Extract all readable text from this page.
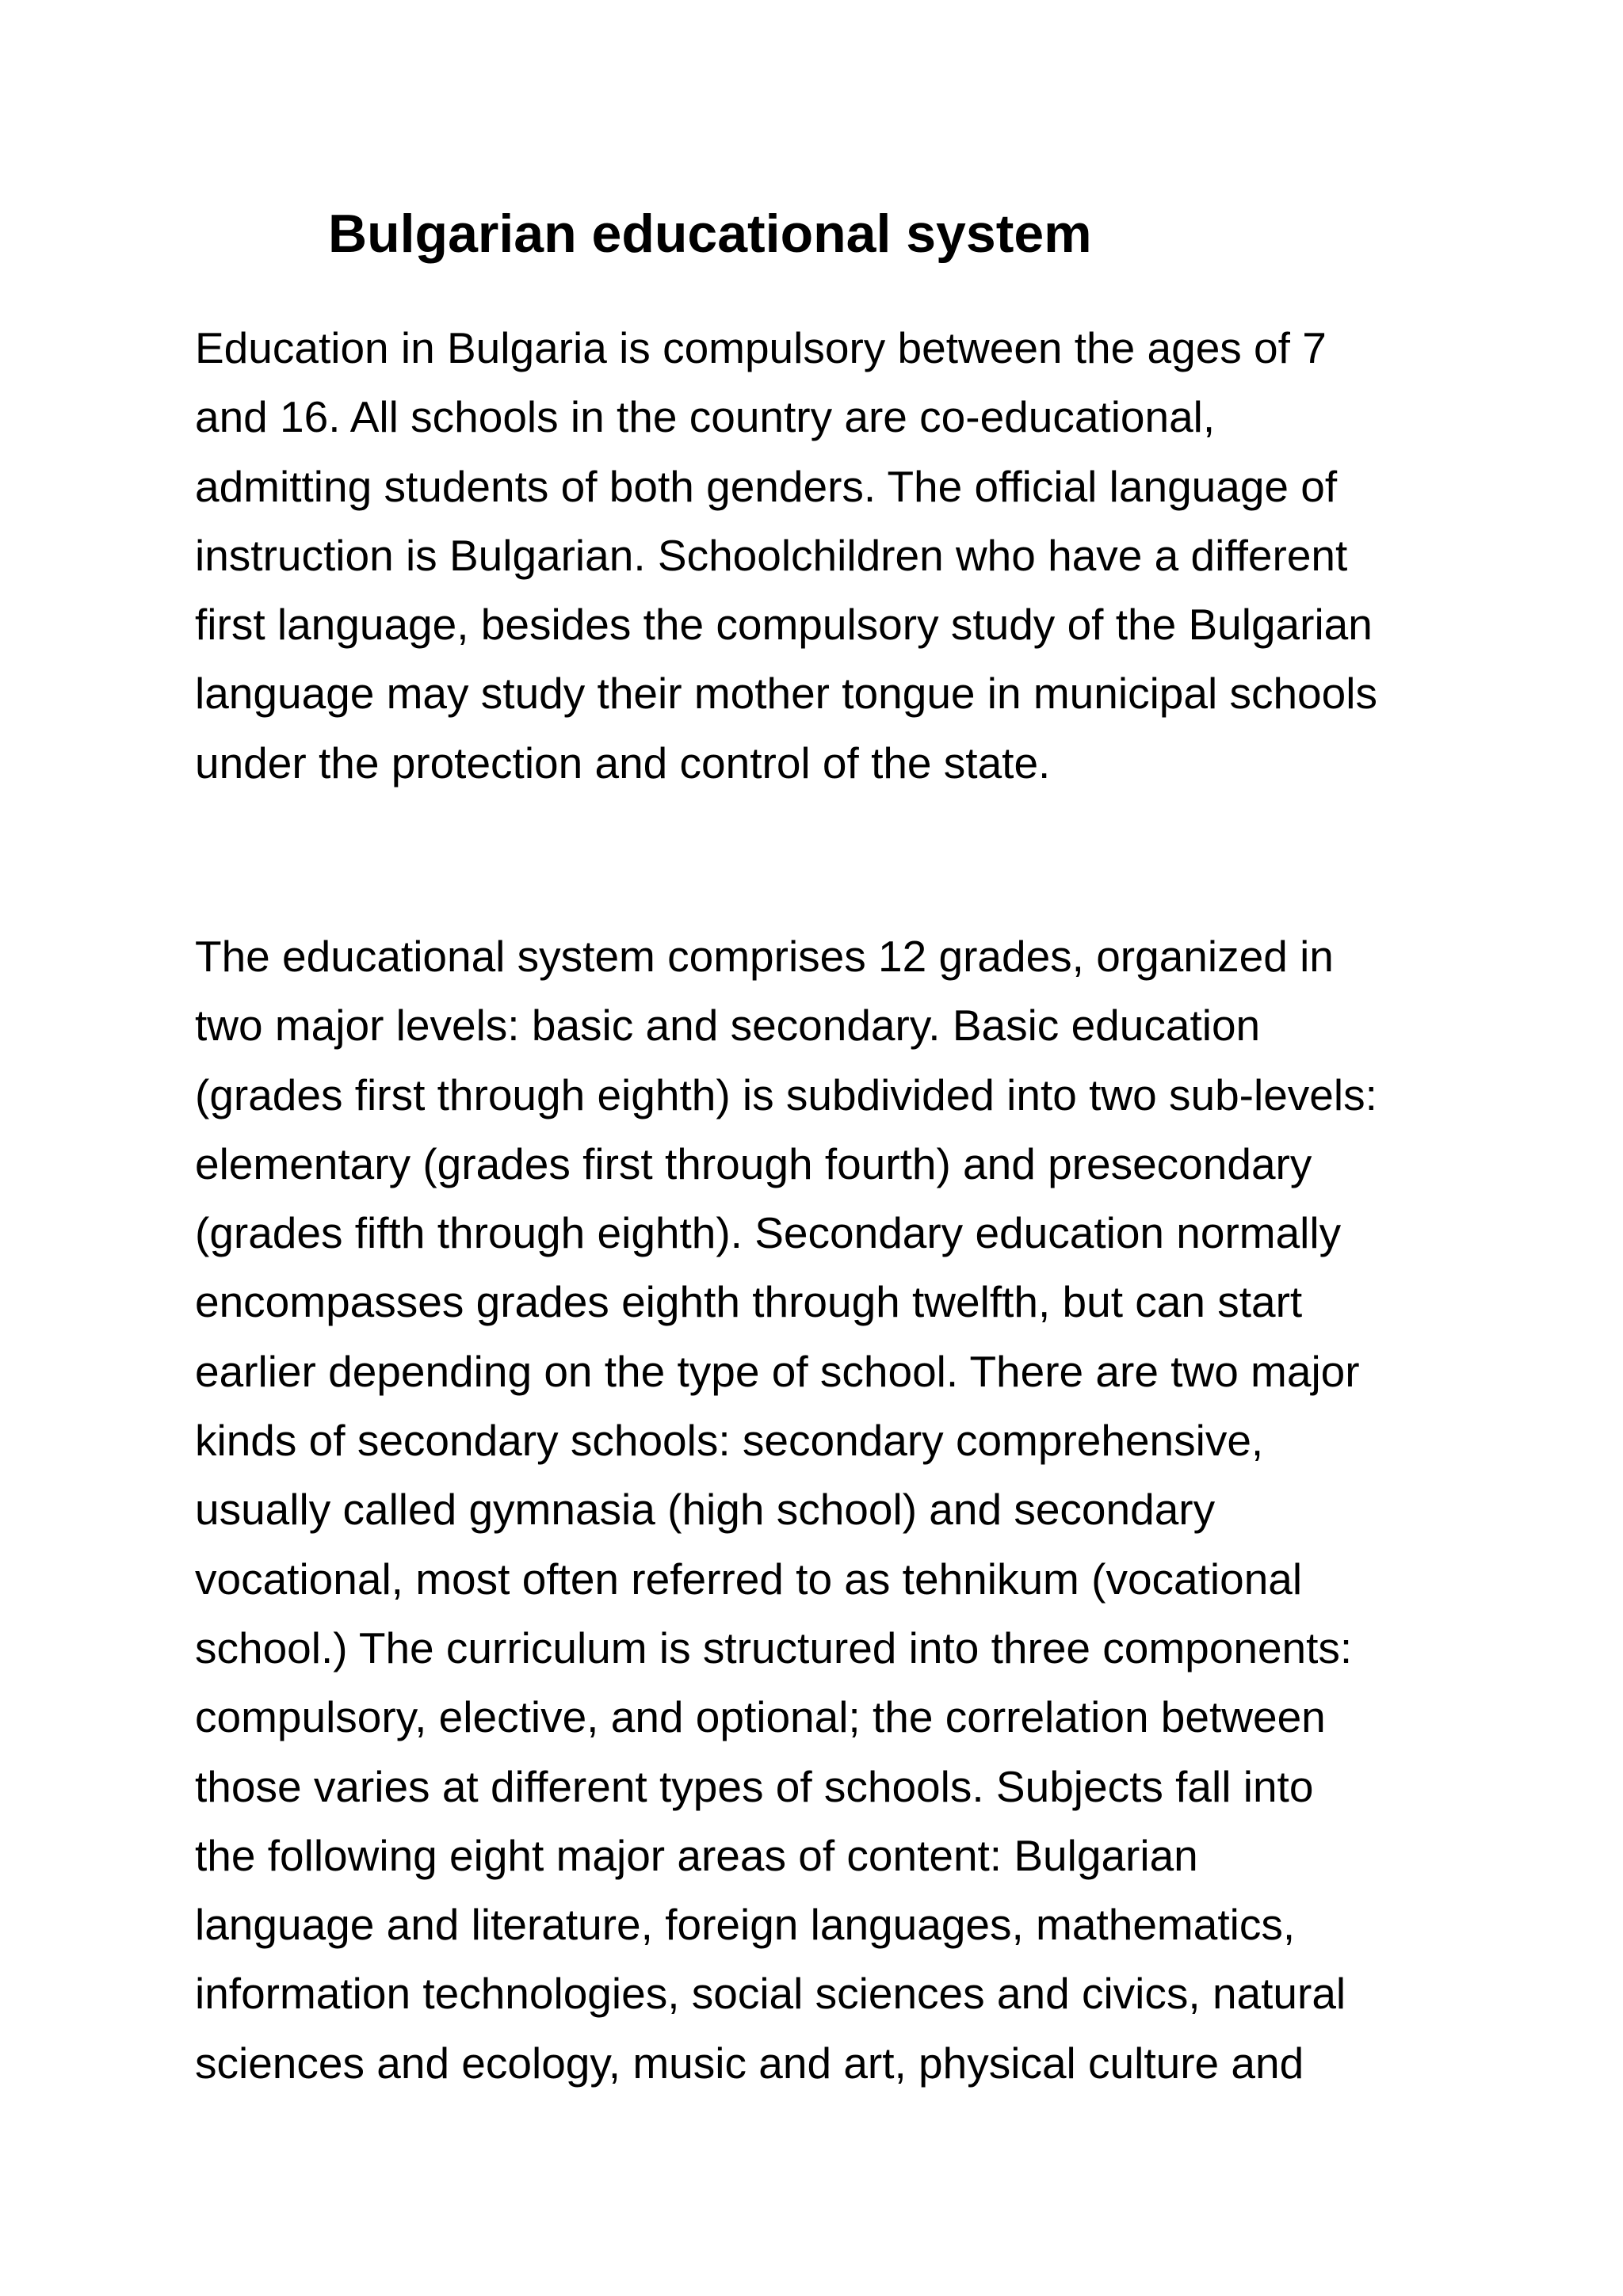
Bulgarian educational system
Education in Bulgaria is compulsory between the ages of 7
and 16. All schools in the country are co-educational,
admitting students of both genders. The official language of
instruction is Bulgarian. Schoolchildren who have a different
first language, besides the compulsory study of the Bulgarian
language may study their mother tongue in municipal schools
under the protection and control of the state.
The educational system comprises 12 grades, organized in
two major levels: basic and secondary. Basic education
(grades first through eighth) is subdivided into two sub-levels:
elementary (grades first through fourth) and presecondary
(grades fifth through eighth). Secondary education normally
encompasses grades eighth through twelfth, but can start
earlier depending on the type of school. There are two major
kinds of secondary schools: secondary comprehensive,
usually called gymnasia (high school) and secondary
vocational, most often referred to as tehnikum (vocational
school.) The curriculum is structured into three components:
compulsory, elective, and optional; the correlation between
those varies at different types of schools. Subjects fall into
the following eight major areas of content: Bulgarian
language and literature, foreign languages, mathematics,
information technologies, social sciences and civics, natural
sciences and ecology, music and art, physical culture and
